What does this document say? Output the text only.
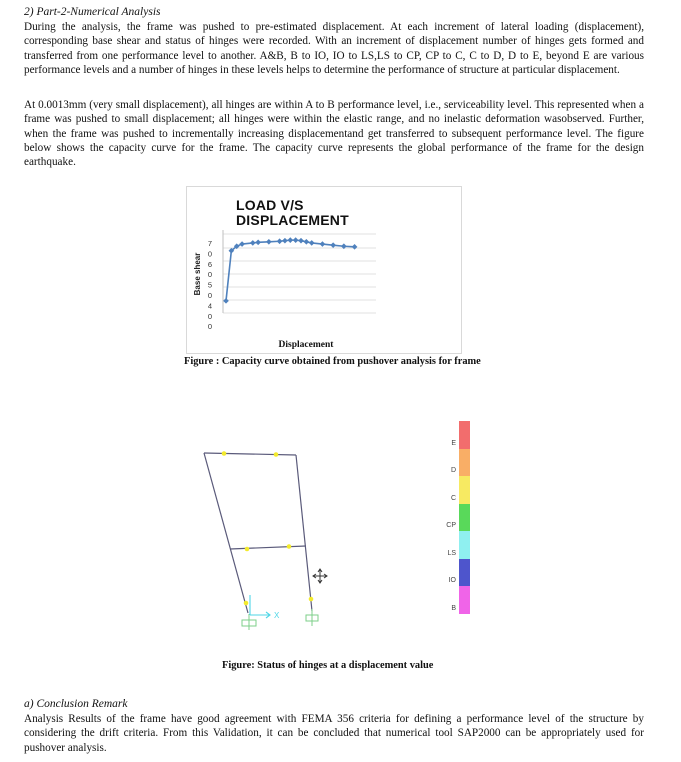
2) Part-2-Numerical Analysis

During the analysis, the frame was pushed to pre-estimated displacement. At each increment of lateral loading (displacement), corresponding base shear and status of hinges were recorded. With an increment of displacement number of hinges gets formed and transferred from one performance level to another. A&B, B to IO, IO to LS,LS to CP, CP to C, C to D, D to E, beyond E are various performance levels and a number of hinges in these levels helps to determine the performance of structure at particular displacement.

At 0.0013mm (very small displacement), all hinges are within A to B performance level, i.e., serviceability level. This represented when a frame was pushed to small displacement; all hinges were within the elastic range, and no inelastic deformation wasobserved. Further, when the frame was pushed to incrementally increasing displacementand get transferred to subsequent performance level. The figure below shows the capacity curve for the frame. The capacity curve represents the global performance of the frame for the design earthquake.

LOAD V/S DISPLACEMENT
7
0
6
0
5
0
4
0
0
Base shear
Displacement
Figure : Capacity curve obtained from pushover analysis for frame
X
E
D
C
CP
LS
IO
B
Figure: Status of hinges at a displacement value
a) Conclusion Remark

Analysis Results of the frame have good agreement with FEMA 356 criteria for defining a performance level of the structure by considering the drift criteria. From this Validation, it can be concluded that numerical tool SAP2000 can be appropriately used for pushover analysis.
